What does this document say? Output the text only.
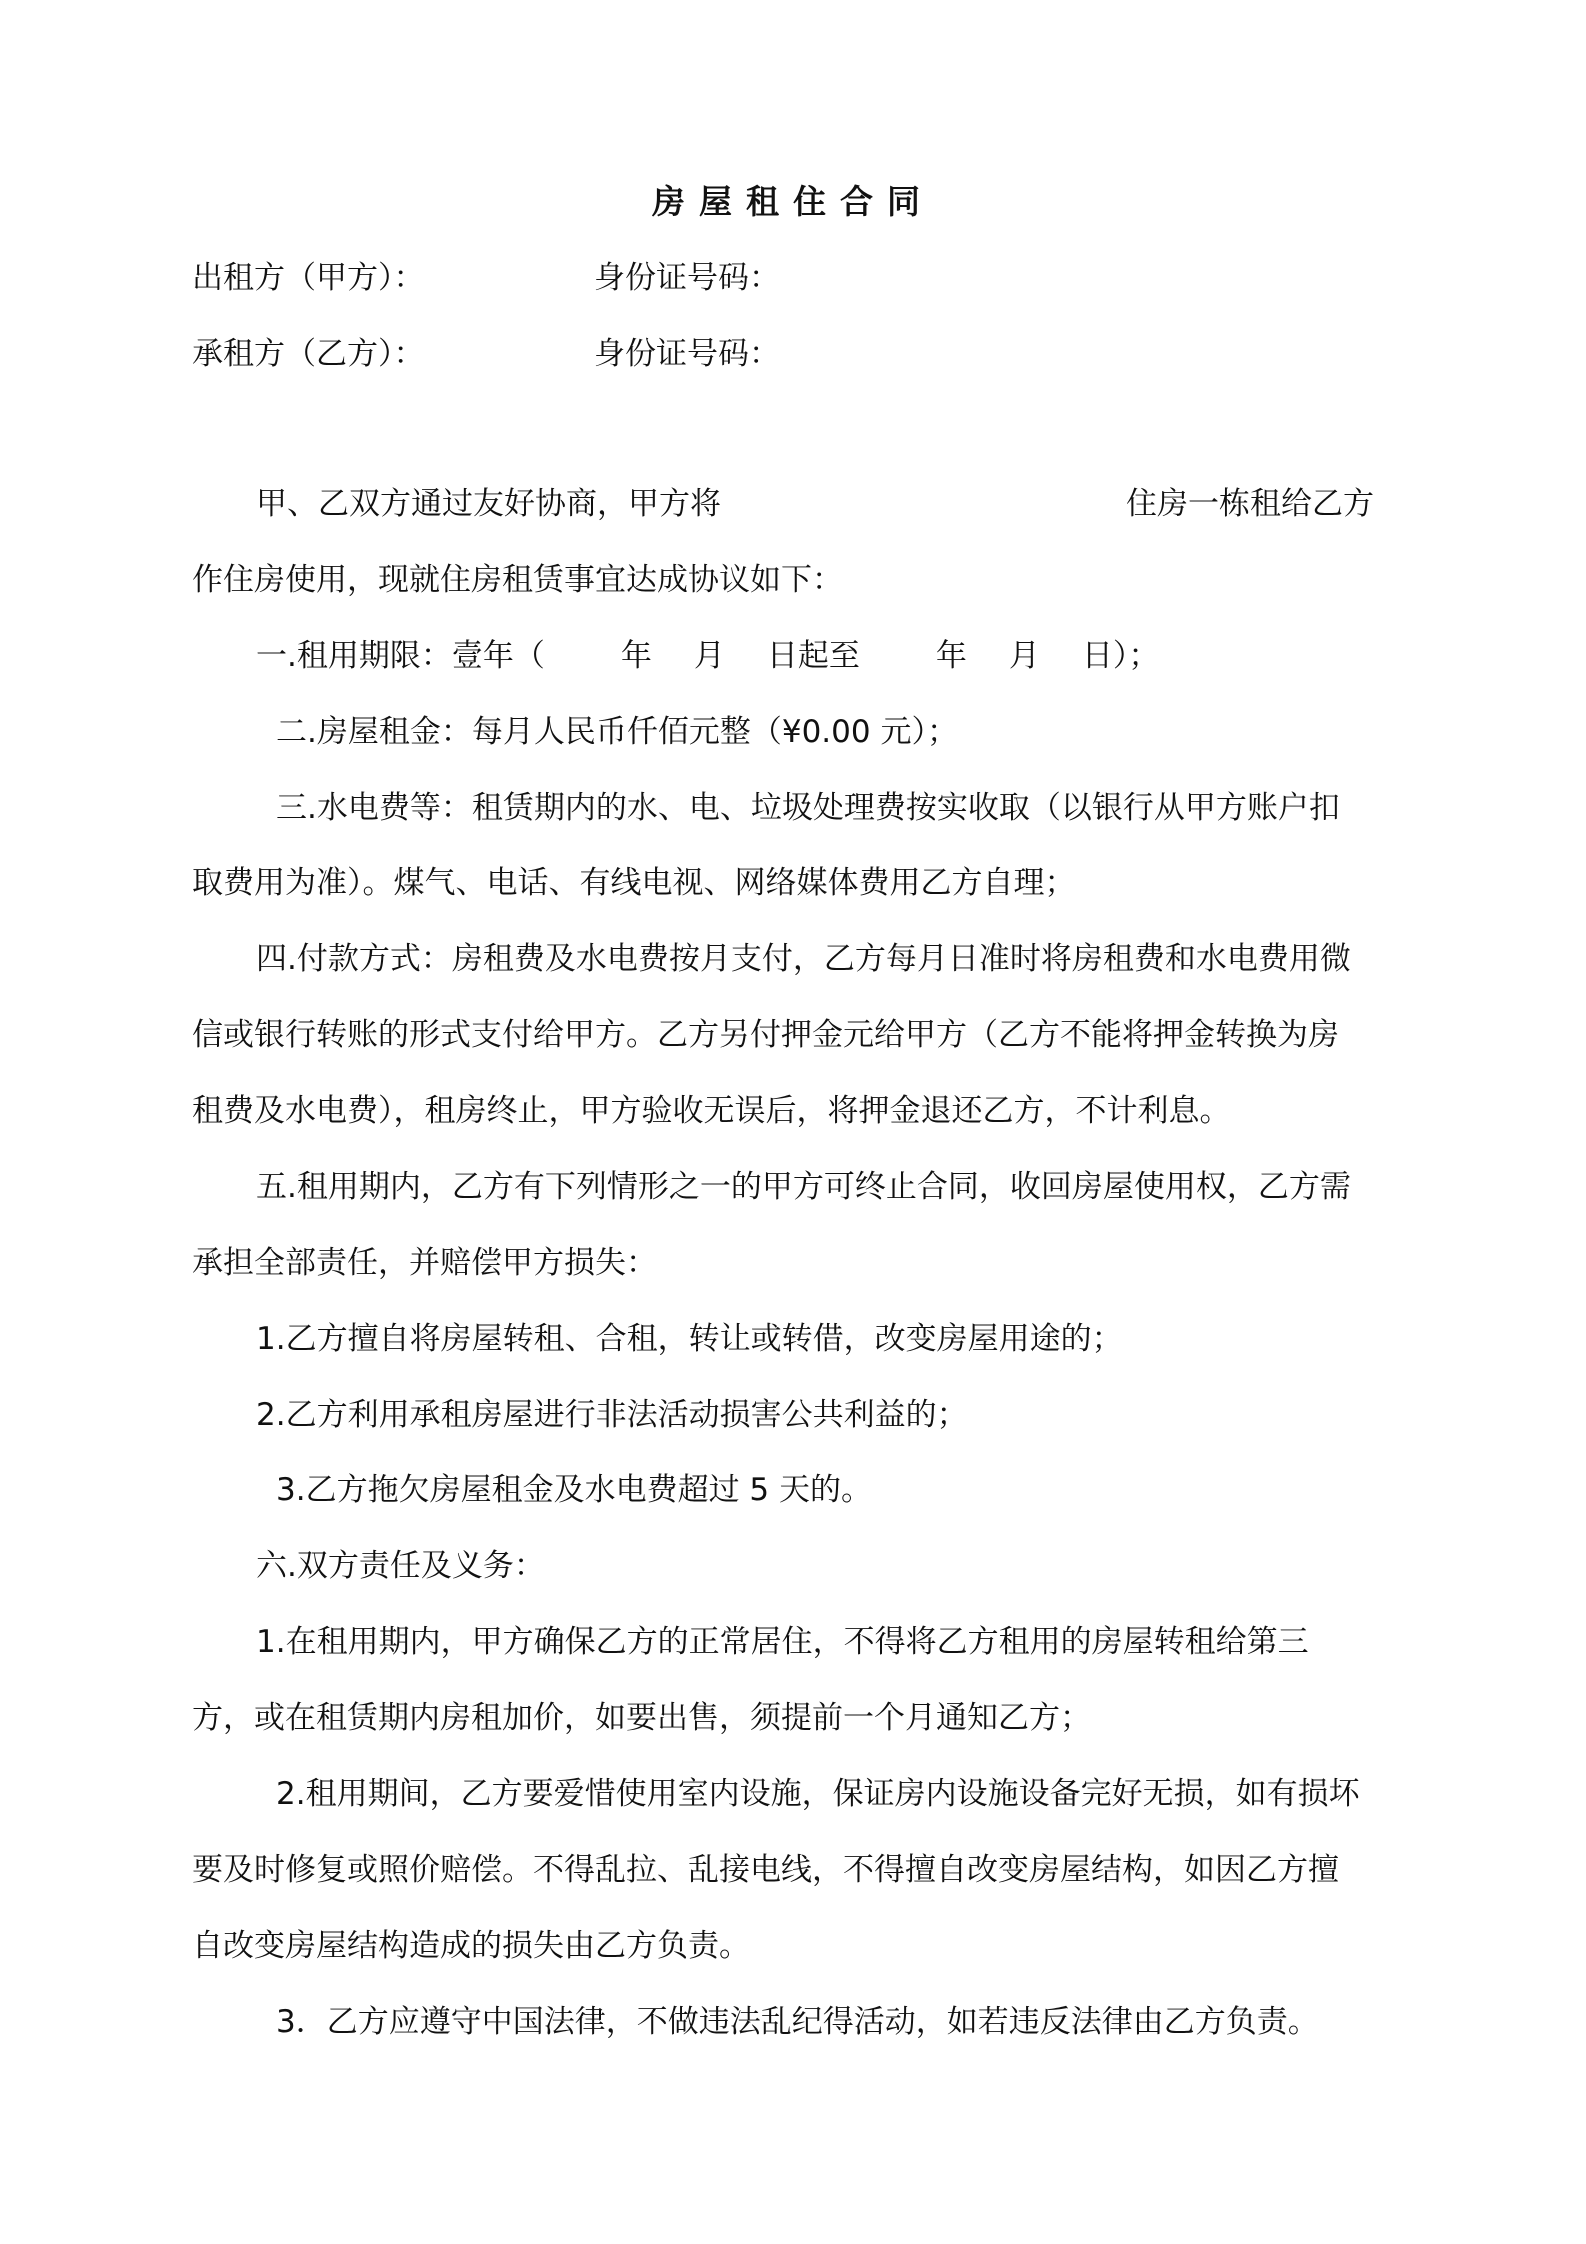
房屋租住合同
出租方（甲方）：	身份证号码：
承租方（乙方）：	身份证号码：
甲、乙双方通过友好协商，甲方将	住房一栋租给乙方
作住房使用，现就住房租赁事宜达成协议如下：
一.租用期限：壹年（ 年 月 日起至 年 月 日）；
二.房屋租金：每月人民币仟佰元整（¥0.00 元）；
三.水电费等：租赁期内的水、电、垃圾处理费按实收取（以银行从甲方账户扣
取费用为准）。煤气、电话、有线电视、网络媒体费用乙方自理；
四.付款方式：房租费及水电费按月支付，乙方每月日准时将房租费和水电费用微
信或银行转账的形式支付给甲方。乙方另付押金元给甲方（乙方不能将押金转换为房
租费及水电费），租房终止，甲方验收无误后，将押金退还乙方，不计利息。
五.租用期内，乙方有下列情形之一的甲方可终止合同，收回房屋使用权，乙方需
承担全部责任，并赔偿甲方损失：
1.乙方擅自将房屋转租、合租，转让或转借，改变房屋用途的；
2.乙方利用承租房屋进行非法活动损害公共利益的；
3.乙方拖欠房屋租金及水电费超过 5 天的。
六.双方责任及义务：
1.在租用期内，甲方确保乙方的正常居住，不得将乙方租用的房屋转租给第三
方，或在租赁期内房租加价，如要出售，须提前一个月通知乙方；
2.租用期间，乙方要爱惜使用室内设施，保证房内设施设备完好无损，如有损坏
要及时修复或照价赔偿。不得乱拉、乱接电线，不得擅自改变房屋结构，如因乙方擅
自改变房屋结构造成的损失由乙方负责。
3．乙方应遵守中国法律，不做违法乱纪得活动，如若违反法律由乙方负责。
